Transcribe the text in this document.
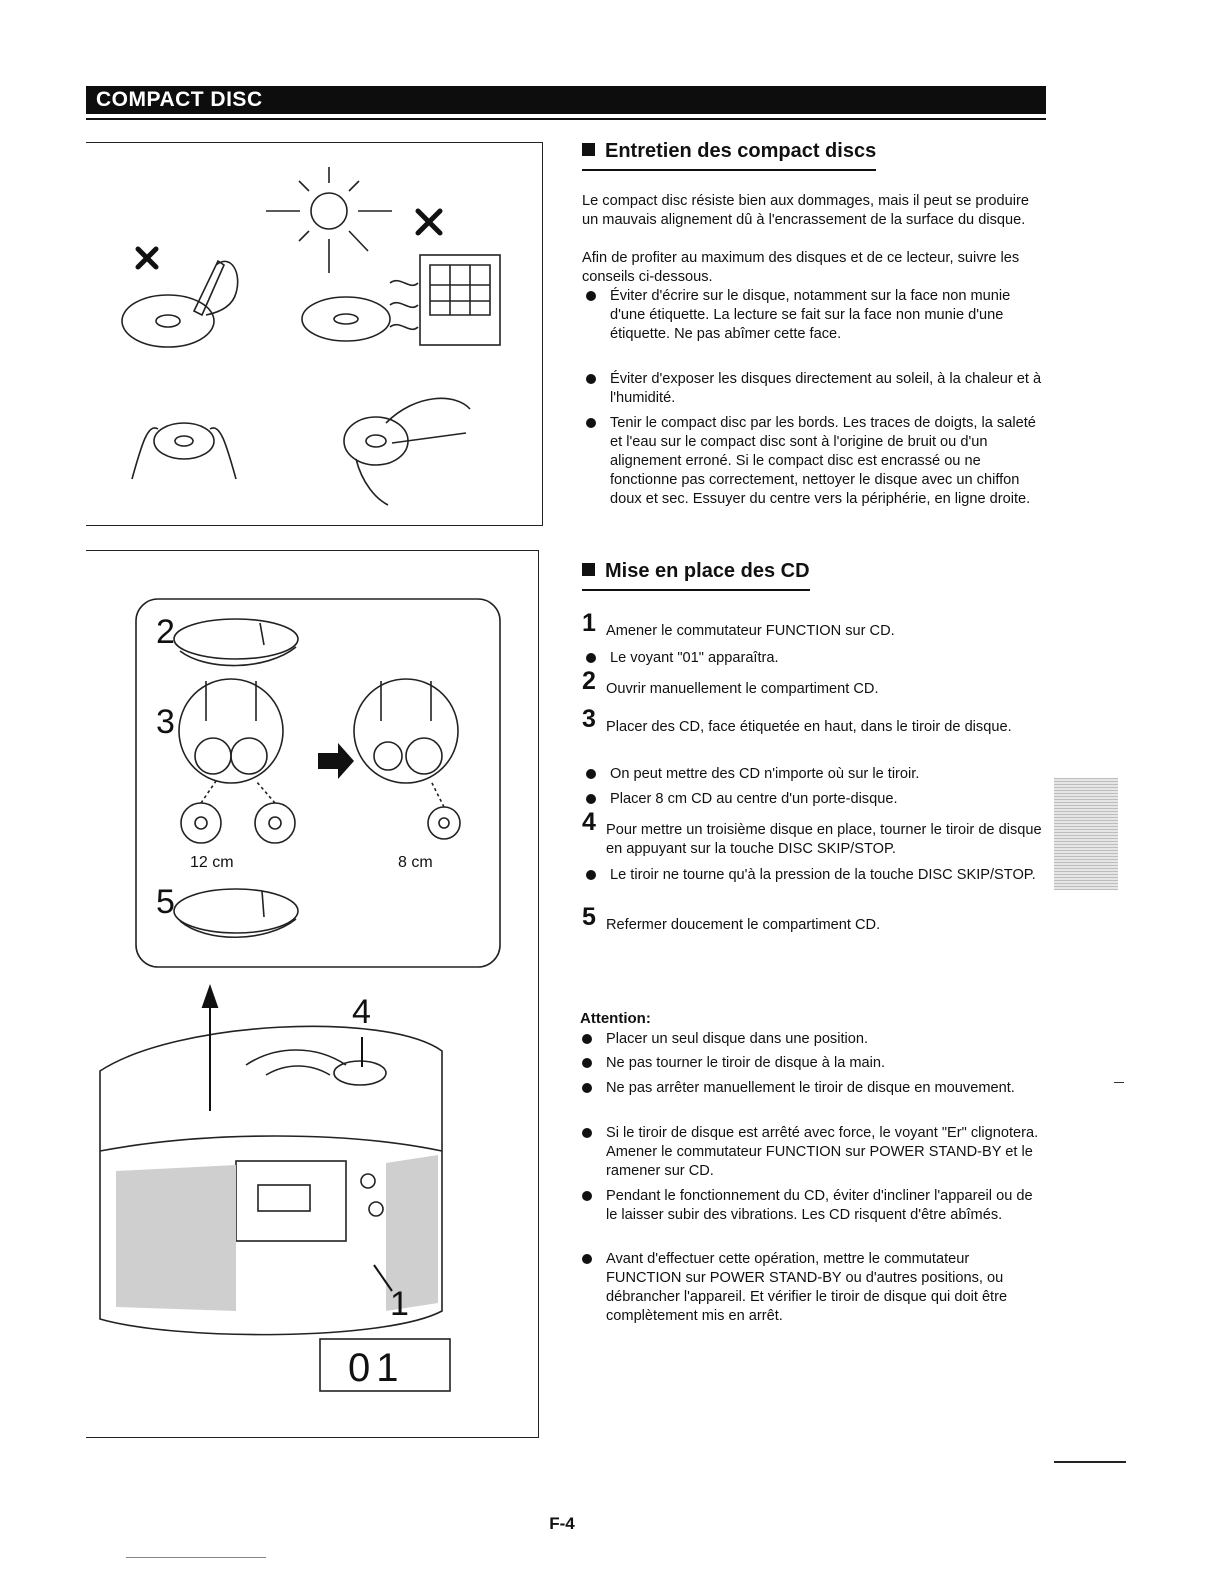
COMPACT DISC
2
3
5
4
1
12 cm	8 cm
01
Entretien des compact discs
Le compact disc résiste bien aux dommages, mais il peut se produire un mauvais alignement dû à l'encrassement de la surface du disque.
Afin de profiter au maximum des disques et de ce lecteur, suivre les conseils ci-dessous.
Éviter d'écrire sur le disque, notamment sur la face non munie d'une étiquette. La lecture se fait sur la face non munie d'une étiquette. Ne pas abîmer cette face.
Éviter d'exposer les disques directement au soleil, à la chaleur et à l'humidité.
Tenir le compact disc par les bords. Les traces de doigts, la saleté et l'eau sur le compact disc sont à l'origine de bruit ou d'un alignement erroné. Si le compact disc est encrassé ou ne fonctionne pas correctement, nettoyer le disque avec un chiffon doux et sec. Essuyer du centre vers la périphérie, en ligne droite.
Mise en place des CD
1 Amener le commutateur FUNCTION sur CD.
Le voyant "01" apparaîtra.
2 Ouvrir manuellement le compartiment CD.
3 Placer des CD, face étiquetée en haut, dans le tiroir de disque.
On peut mettre des CD n'importe où sur le tiroir.
Placer 8 cm CD au centre d'un porte-disque.
4 Pour mettre un troisième disque en place, tourner le tiroir de disque en appuyant sur la touche DISC SKIP/STOP.
Le tiroir ne tourne qu'à la pression de la touche DISC SKIP/STOP.
5 Refermer doucement le compartiment CD.
Attention:
Placer un seul disque dans une position.
Ne pas tourner le tiroir de disque à la main.
Ne pas arrêter manuellement le tiroir de disque en mouvement.
Si le tiroir de disque est arrêté avec force, le voyant "Er" clignotera. Amener le commutateur FUNCTION sur POWER STAND-BY et le ramener sur CD.
Pendant le fonctionnement du CD, éviter d'incliner l'appareil ou de le laisser subir des vibrations. Les CD risquent d'être abîmés.
Avant d'effectuer cette opération, mettre le commutateur FUNCTION sur POWER STAND-BY ou d'autres positions, ou débrancher l'appareil. Et vérifier le tiroir de disque qui doit être complètement mis en arrêt.
F-4
